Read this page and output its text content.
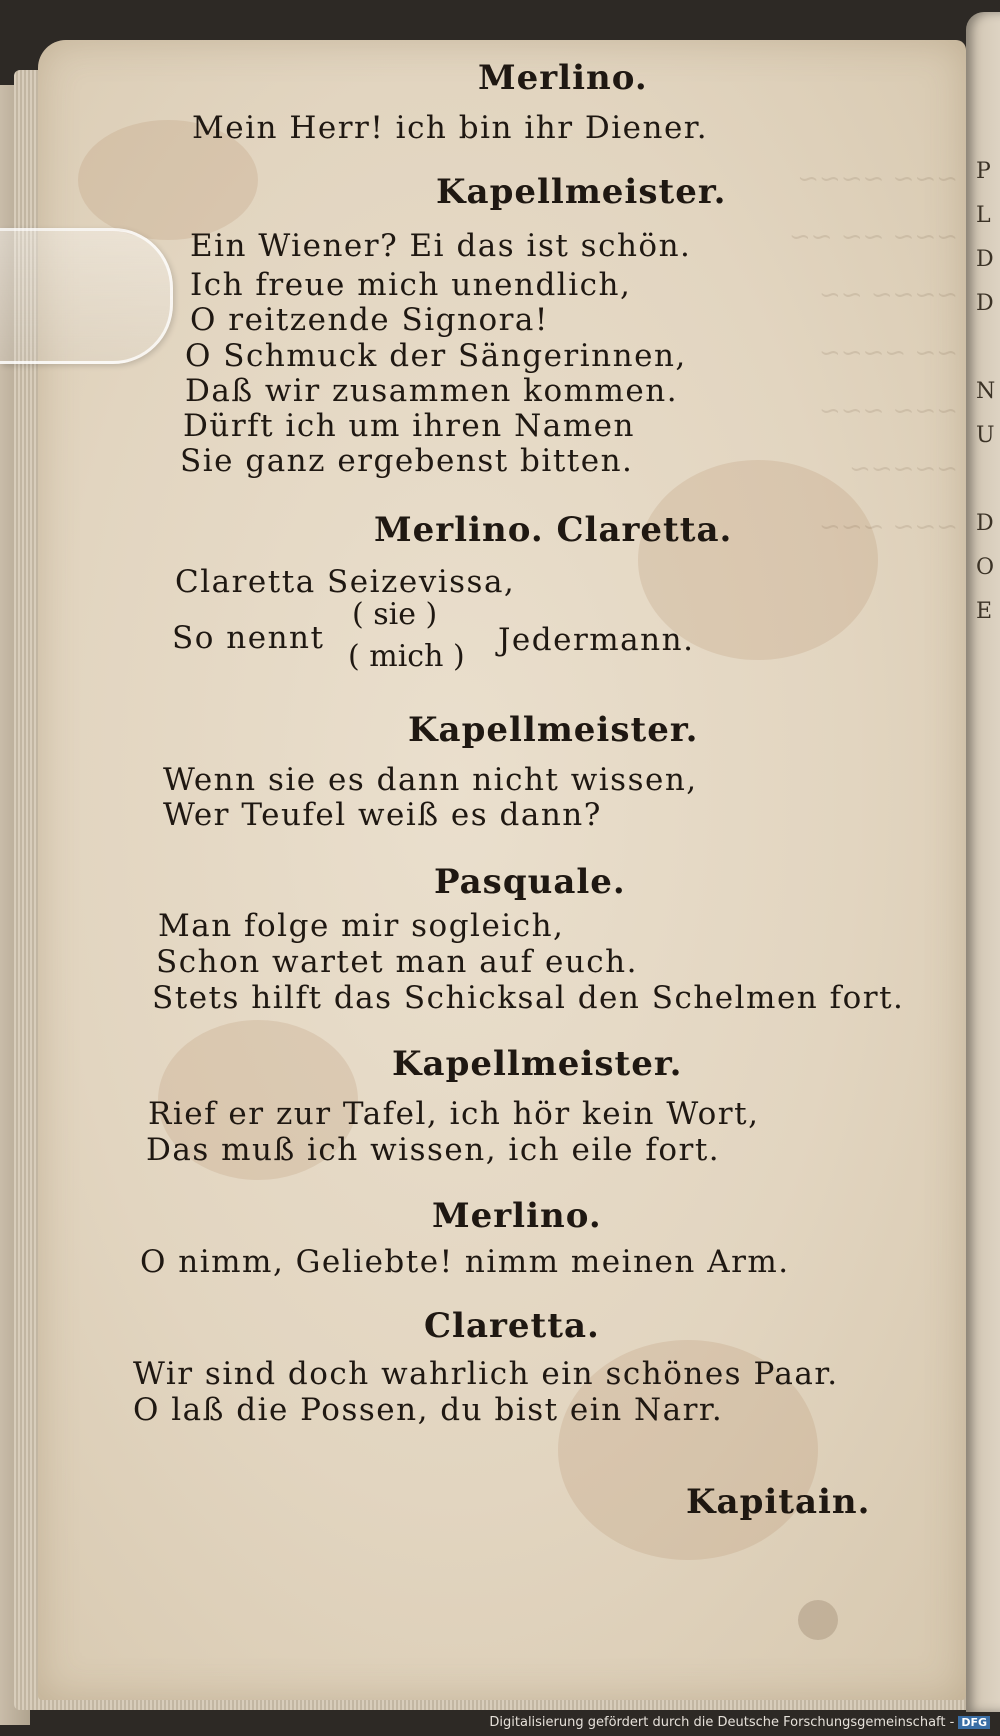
P
L
D
D

N
U

D
O
E
~~~ ~~~~
~~~ ~~ ~~
~~~~ ~~
~~ ~~~~
~~~ ~~~
~~~~~
~~~ ~~~
Merlino.
Mein Herr! ich bin ihr Diener.
Kapellmeister.
Ein Wiener? Ei das ist schön.
Ich freue mich unendlich,
O reitzende Signora!
O Schmuck der Sängerinnen,
Daß wir zusammen kommen.
Dürft ich um ihren Namen
Sie ganz ergebenst bitten.
Merlino. Claretta.
Claretta Seizevissa,
So nennt
( sie )
( mich ) Jedermann.
Kapellmeister.
Wenn sie es dann nicht wissen,
Wer Teufel weiß es dann?
Pasquale.
Man folge mir sogleich,
Schon wartet man auf euch.
Stets hilft das Schicksal den Schelmen fort.
Kapellmeister.
Rief er zur Tafel, ich hör kein Wort,
Das muß ich wissen, ich eile fort.
Merlino.
O nimm, Geliebte! nimm meinen Arm.
Claretta.
Wir sind doch wahrlich ein schönes Paar.
O laß die Possen, du bist ein Narr.
Kapitain.
Digitalisierung gefördert durch die Deutsche Forschungsgemeinschaft - DFG
